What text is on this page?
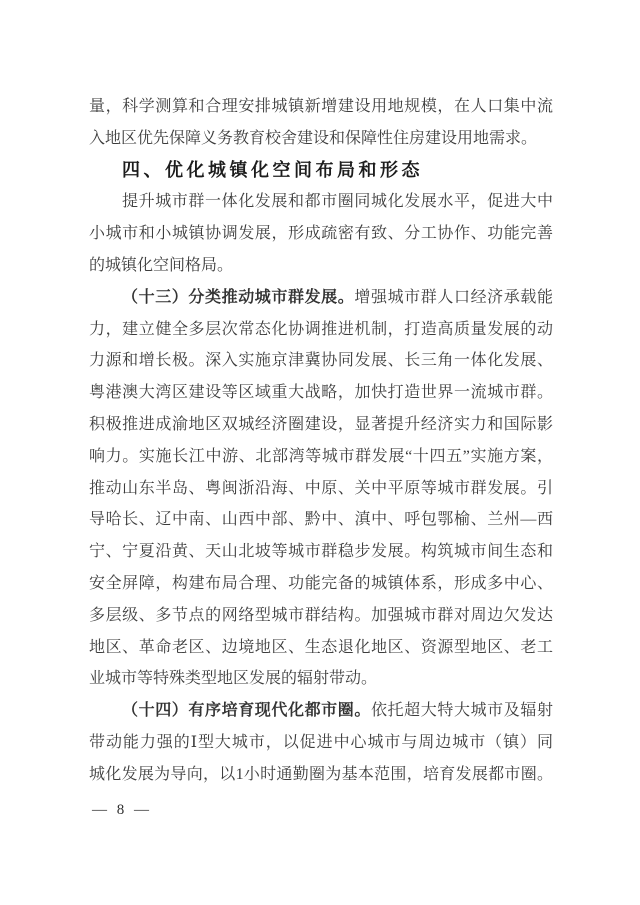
量，科学测算和合理安排城镇新增建设用地规模，在人口集中流
入地区优先保障义务教育校舍建设和保障性住房建设用地需求。
四、优化城镇化空间布局和形态
提升城市群一体化发展和都市圈同城化发展水平，促进大中
小城市和小城镇协调发展，形成疏密有致、分工协作、功能完善
的城镇化空间格局。
（十三）分类推动城市群发展。增强城市群人口经济承载能
力，建立健全多层次常态化协调推进机制，打造高质量发展的动
力源和增长极。深入实施京津冀协同发展、长三角一体化发展、
粤港澳大湾区建设等区域重大战略，加快打造世界一流城市群。
积极推进成渝地区双城经济圈建设，显著提升经济实力和国际影
响力。实施长江中游、北部湾等城市群发展“十四五”实施方案，
推动山东半岛、粤闽浙沿海、中原、关中平原等城市群发展。引
导哈长、辽中南、山西中部、黔中、滇中、呼包鄂榆、兰州—西
宁、宁夏沿黄、天山北坡等城市群稳步发展。构筑城市间生态和
安全屏障，构建布局合理、功能完备的城镇体系，形成多中心、
多层级、多节点的网络型城市群结构。加强城市群对周边欠发达
地区、革命老区、边境地区、生态退化地区、资源型地区、老工
业城市等特殊类型地区发展的辐射带动。
（十四）有序培育现代化都市圈。依托超大特大城市及辐射
带动能力强的Ⅰ型大城市，以促进中心城市与周边城市（镇）同
城化发展为导向，以1小时通勤圈为基本范围，培育发展都市圈。
— 8 —
